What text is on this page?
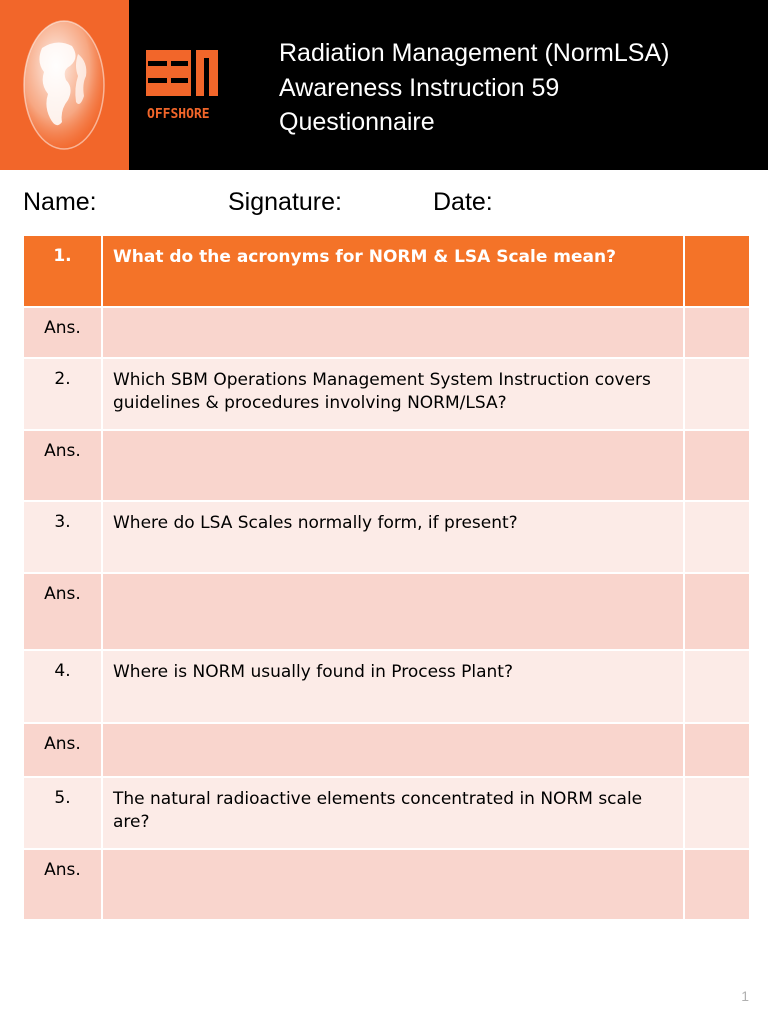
OFFSHORE
Radiation Management (NormLSA)
Awareness Instruction 59
Questionnaire
Name:	Signature:	Date:
1.	What do the acronyms for NORM & LSA Scale mean?	
Ans.		
2.	Which SBM Operations Management System Instruction covers guidelines & procedures involving NORM/LSA?	
Ans.		
3.	Where do LSA Scales normally form, if present?	
Ans.		
4.	Where is NORM usually found in Process Plant?	
Ans.		
5.	The natural radioactive elements concentrated in NORM scale are?	
Ans.		
1
